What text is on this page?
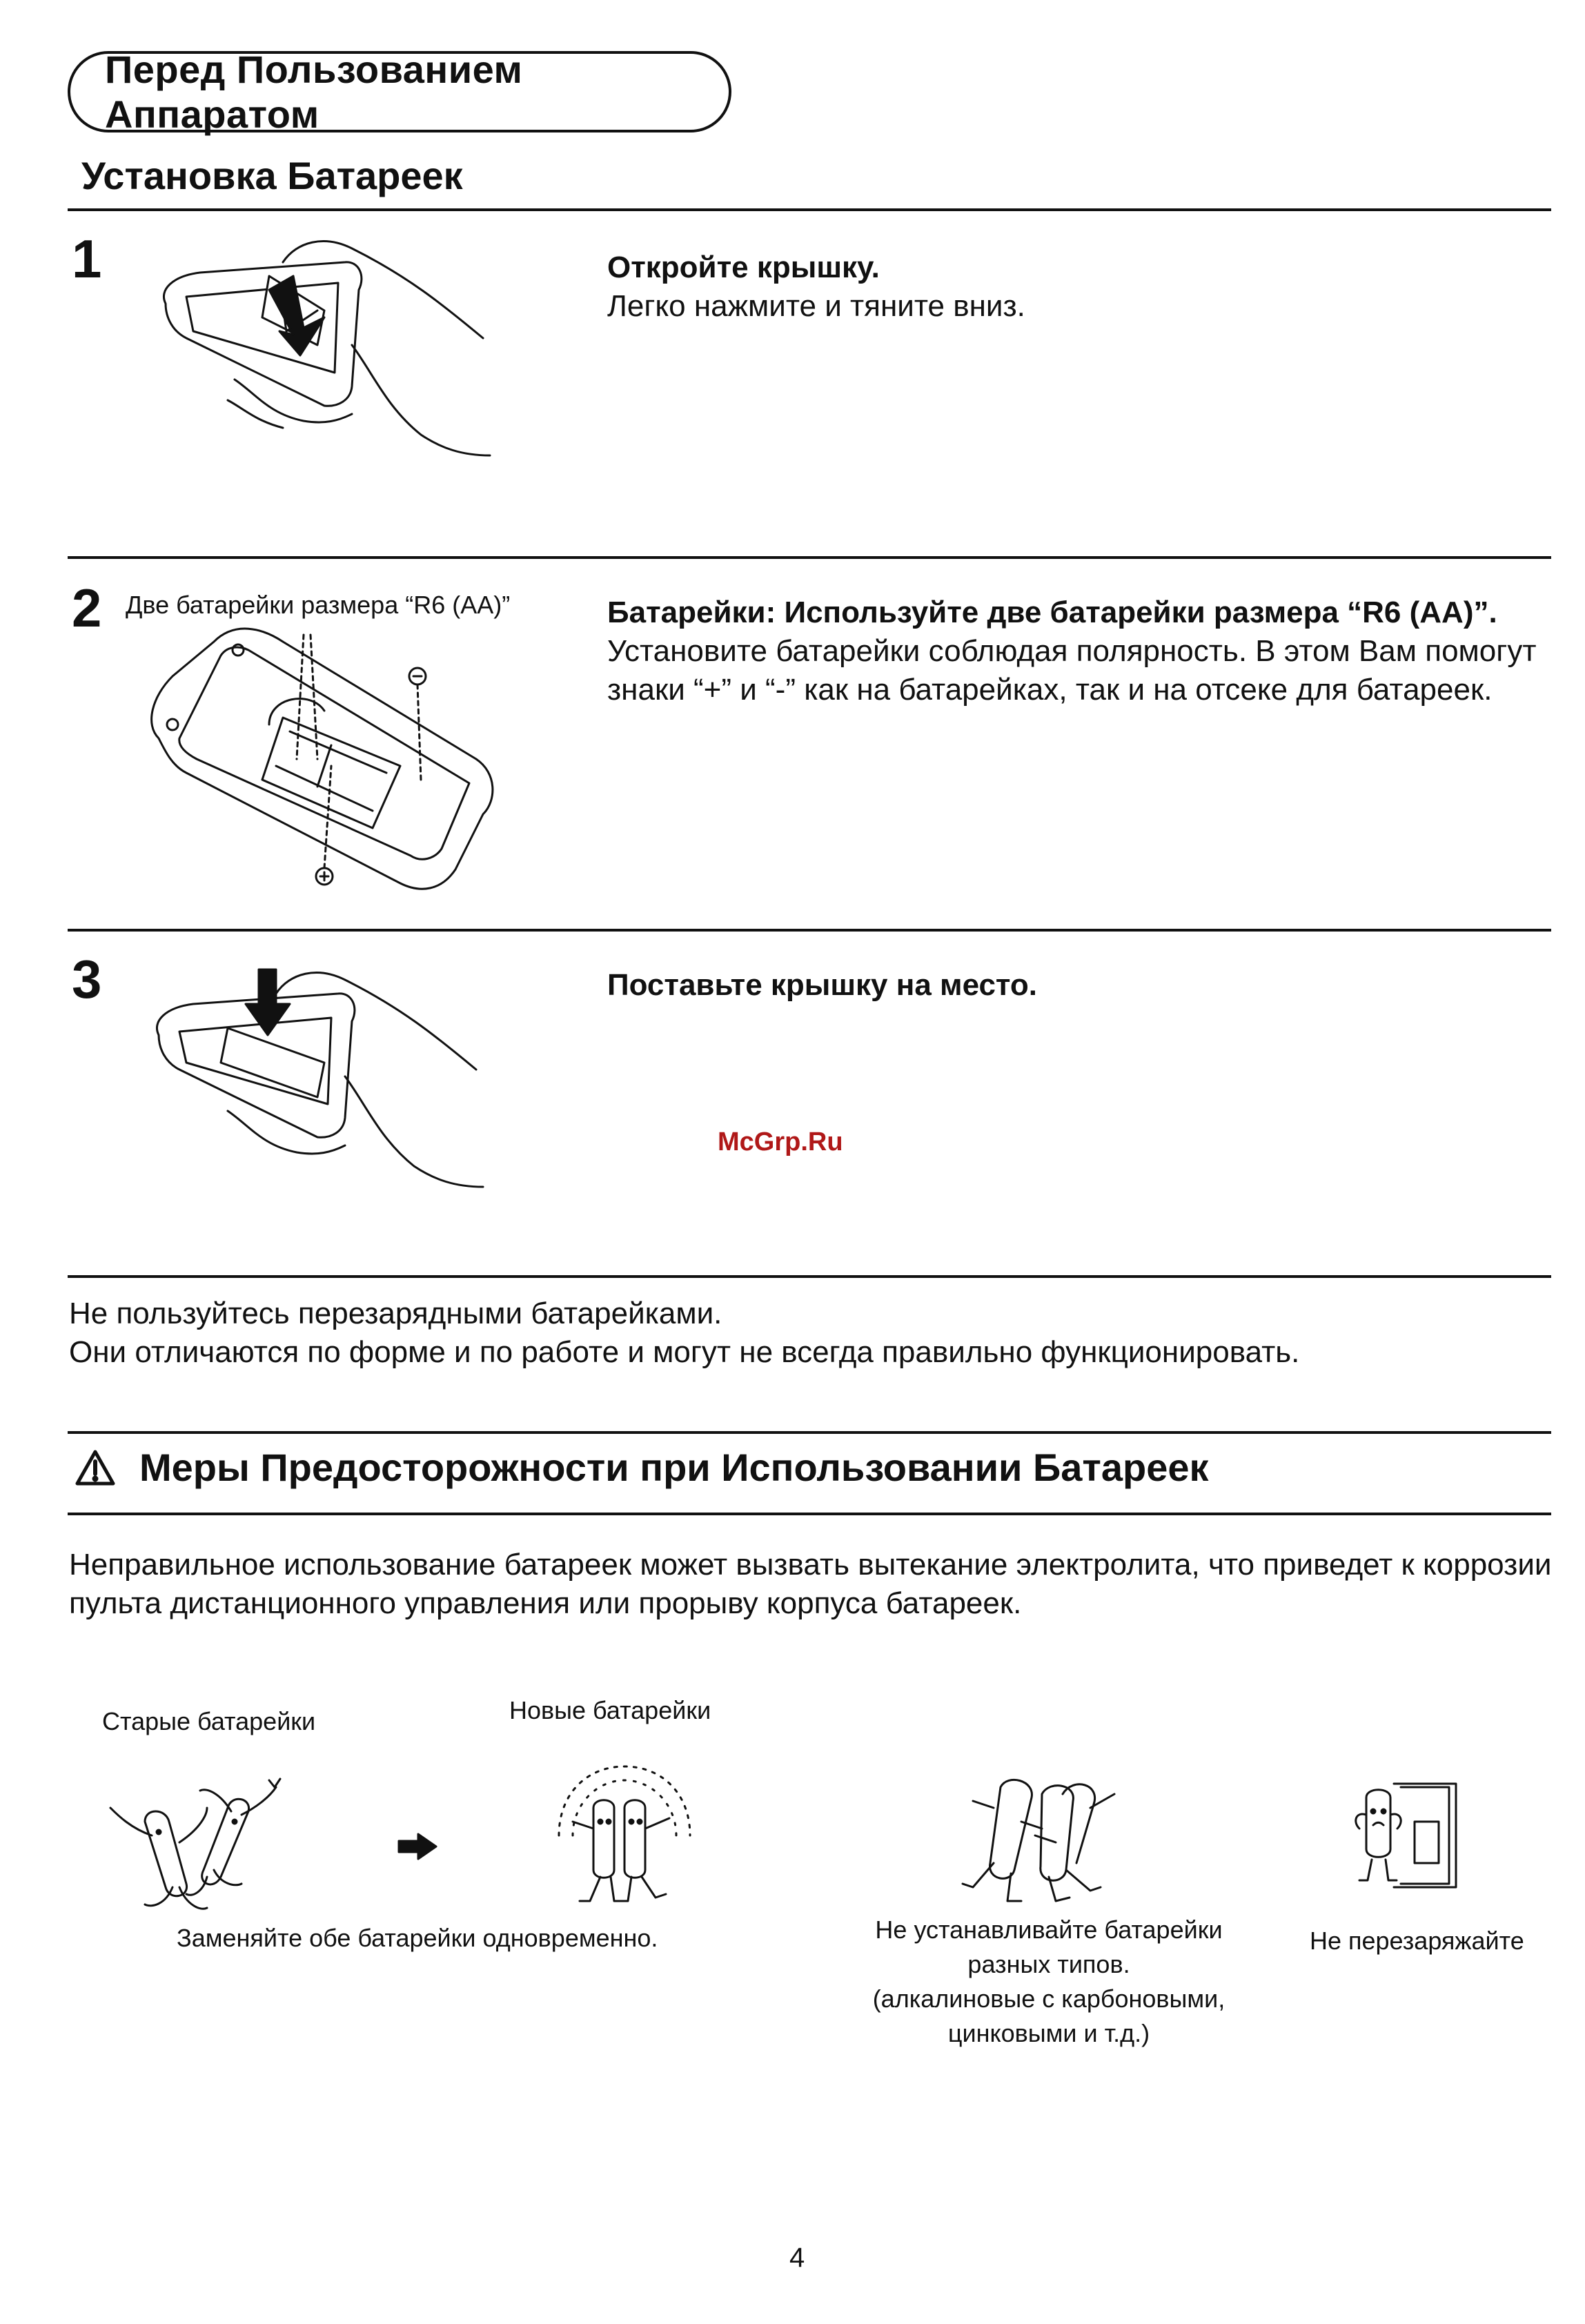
Перед Пользованием Аппаратом
Установка Батареек
1	Откройте крышку.
Легко нажмите и тяните вниз.
2 Две батарейки размера “R6 (AA)”	Батарейки: Используйте две батарейки размера “R6 (AA)”.
Установите батарейки соблюдая полярность. В этом Вам помогут
знаки “+” и “-” как на батарейках, так и на отсеке для батареек.
3	Поставьте крышку на место.
McGrp.Ru
Не пользуйтесь перезарядными батарейками.
Они отличаются по форме и по работе и могут не всегда правильно функционировать.
Меры Предосторожности при Использовании Батареек
Неправильное использование батареек может вызвать вытекание электролита, что приведет к коррозии
пульта дистанционного управления или прорыву корпуса батареек.
Старые батарейки	Новые батарейки
Заменяйте обе батарейки одновременно.	Не устанавливайте батарейки
разных типов.
(алкалиновые с карбоновыми,
цинковыми и т.д.)
Не перезаряжайте
4
